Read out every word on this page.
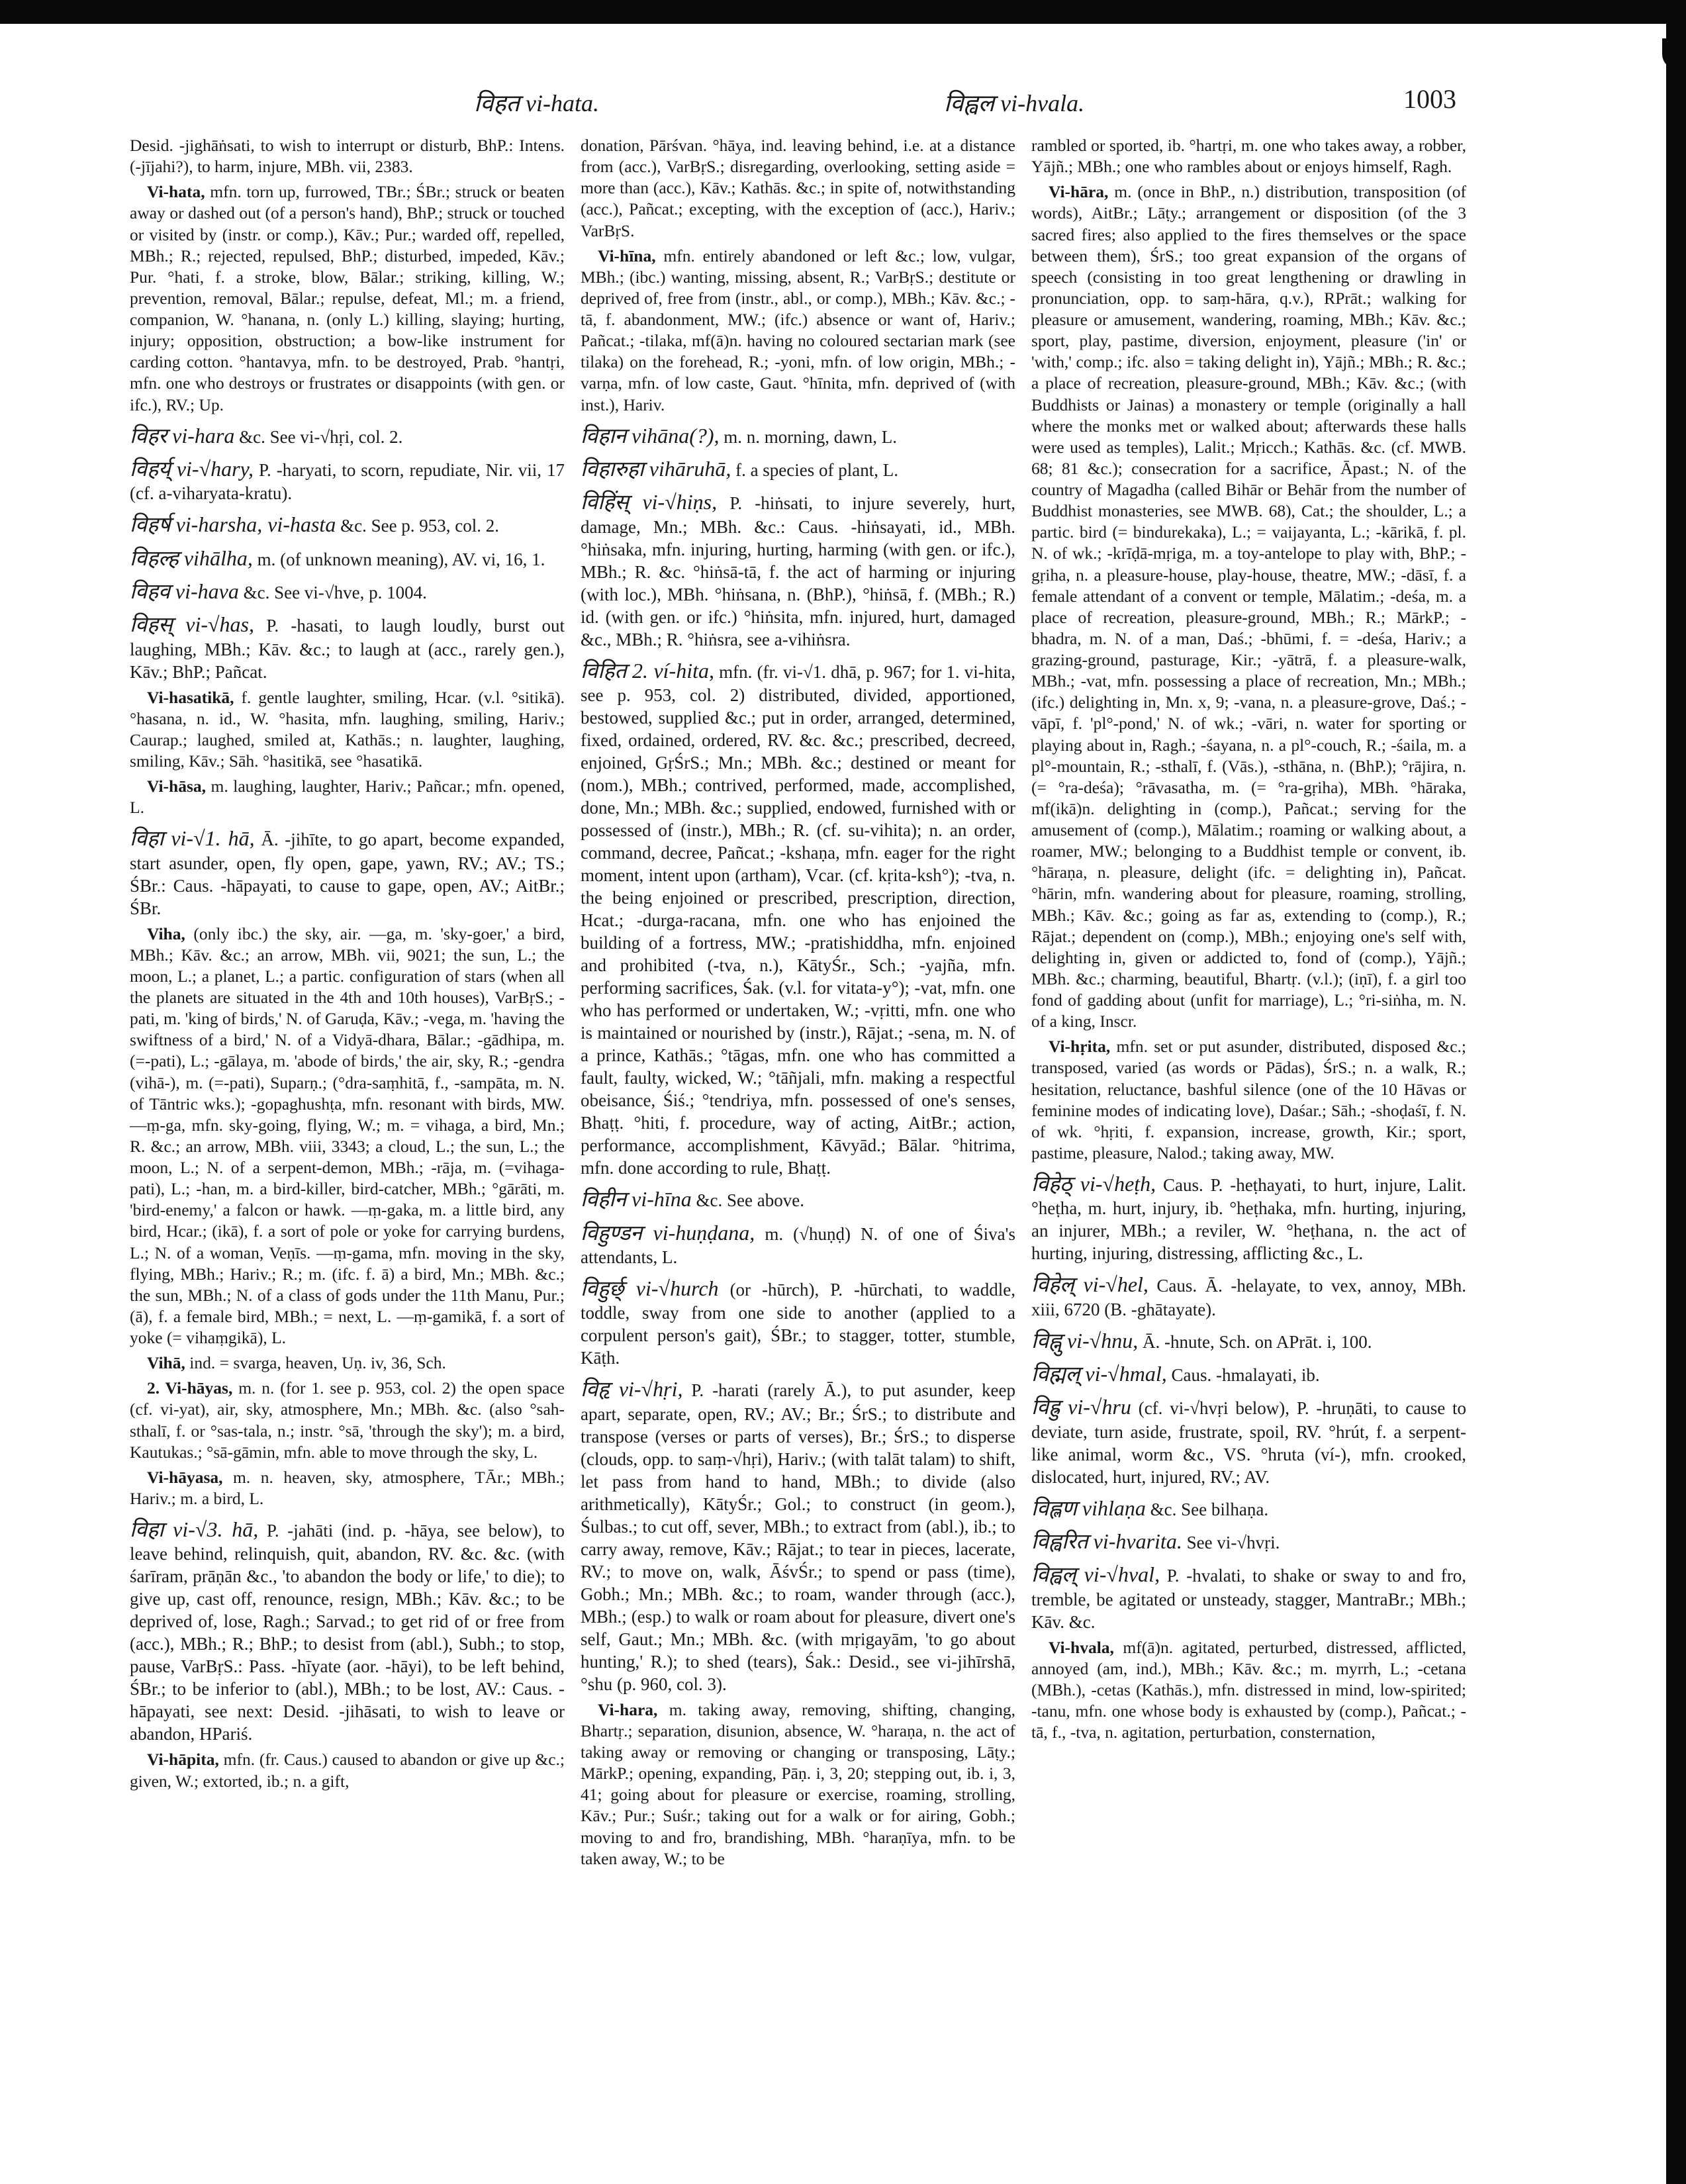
विहत vi-hata.	विह्वल vi-hvala.	1003

Desid. -jighāṅsati, to wish to interrupt or disturb, BhP.: Intens. (-jījahi?), to harm, injure, MBh. vii, 2383.

Vi-hata, mfn. torn up, furrowed, TBr.; ŚBr.; struck or beaten away or dashed out (of a person's hand), BhP.; struck or touched or visited by (instr. or comp.), Kāv.; Pur.; warded off, repelled, MBh.; R.; rejected, repulsed, BhP.; disturbed, impeded, Kāv.; Pur. °hati, f. a stroke, blow, Bālar.; striking, killing, W.; prevention, removal, Bālar.; repulse, defeat, Ml.; m. a friend, companion, W. °hanana, n. (only L.) killing, slaying; hurting, injury; opposition, obstruction; a bow-like instrument for carding cotton. °hantavya, mfn. to be destroyed, Prab. °hantṛi, mfn. one who destroys or frustrates or disappoints (with gen. or ifc.), RV.; Up.

विहर vi-hara &c. See vi-√hṛi, col. 2.

विहर्य् vi-√hary, P. -haryati, to scorn, repudiate, Nir. vii, 17 (cf. a-viharyata-kratu).

विहर्ष vi-harsha, vi-hasta &c. See p. 953, col. 2.

विहल्ह vihālha, m. (of unknown meaning), AV. vi, 16, 1.

विहव vi-hava &c. See vi-√hve, p. 1004.

विहस् vi-√has, P. -hasati, to laugh loudly, burst out laughing, MBh.; Kāv. &c.; to laugh at (acc., rarely gen.), Kāv.; BhP.; Pañcat.

Vi-hasatikā, f. gentle laughter, smiling, Hcar. (v.l. °sitikā). °hasana, n. id., W. °hasita, mfn. laughing, smiling, Hariv.; Caurap.; laughed, smiled at, Kathās.; n. laughter, laughing, smiling, Kāv.; Sāh. °hasitikā, see °hasatikā.

Vi-hāsa, m. laughing, laughter, Hariv.; Pañcar.; mfn. opened, L.

विहा vi-√1. hā, Ā. -jihīte, to go apart, become expanded, start asunder, open, fly open, gape, yawn, RV.; AV.; TS.; ŚBr.: Caus. -hāpayati, to cause to gape, open, AV.; AitBr.; ŚBr.

Viha, (only ibc.) the sky, air. —ga, m. 'sky-goer,' a bird, MBh.; Kāv. &c.; an arrow, MBh. vii, 9021; the sun, L.; the moon, L.; a planet, L.; a partic. configuration of stars (when all the planets are situated in the 4th and 10th houses), VarBṛS.; -pati, m. 'king of birds,' N. of Garuḍa, Kāv.; -vega, m. 'having the swiftness of a bird,' N. of a Vidyā-dhara, Bālar.; -gādhipa, m. (=-pati), L.; -gālaya, m. 'abode of birds,' the air, sky, R.; -gendra (vihā-), m. (=-pati), Suparṇ.; (°dra-saṃhitā, f., -sampāta, m. N. of Tāntric wks.); -gopaghushṭa, mfn. resonant with birds, MW. —ṃ-ga, mfn. sky-going, flying, W.; m. = vihaga, a bird, Mn.; R. &c.; an arrow, MBh. viii, 3343; a cloud, L.; the sun, L.; the moon, L.; N. of a serpent-demon, MBh.; -rāja, m. (=vihaga-pati), L.; -han, m. a bird-killer, bird-catcher, MBh.; °gārāti, m. 'bird-enemy,' a falcon or hawk. —ṃ-gaka, m. a little bird, any bird, Hcar.; (ikā), f. a sort of pole or yoke for carrying burdens, L.; N. of a woman, Veṇīs. —ṃ-gama, mfn. moving in the sky, flying, MBh.; Hariv.; R.; m. (ifc. f. ā) a bird, Mn.; MBh. &c.; the sun, MBh.; N. of a class of gods under the 11th Manu, Pur.; (ā), f. a female bird, MBh.; = next, L. —ṃ-gamikā, f. a sort of yoke (= vihaṃgikā), L.

Vihā, ind. = svarga, heaven, Uṇ. iv, 36, Sch.

2. Vi-hāyas, m. n. (for 1. see p. 953, col. 2) the open space (cf. vi-yat), air, sky, atmosphere, Mn.; MBh. &c. (also °sah-sthalī, f. or °sas-tala, n.; instr. °sā, 'through the sky'); m. a bird, Kautukas.; °sā-gāmin, mfn. able to move through the sky, L.

Vi-hāyasa, m. n. heaven, sky, atmosphere, TĀr.; MBh.; Hariv.; m. a bird, L.

विहा vi-√3. hā, P. -jahāti (ind. p. -hāya, see below), to leave behind, relinquish, quit, abandon, RV. &c. &c. (with śarīram, prāṇān &c., 'to abandon the body or life,' to die); to give up, cast off, renounce, resign, MBh.; Kāv. &c.; to be deprived of, lose, Ragh.; Sarvad.; to get rid of or free from (acc.), MBh.; R.; BhP.; to desist from (abl.), Subh.; to stop, pause, VarBṛS.: Pass. -hīyate (aor. -hāyi), to be left behind, ŚBr.; to be inferior to (abl.), MBh.; to be lost, AV.: Caus. -hāpayati, see next: Desid. -jihāsati, to wish to leave or abandon, HPariś.

Vi-hāpita, mfn. (fr. Caus.) caused to abandon or give up &c.; given, W.; extorted, ib.; n. a gift,

donation, Pārśvan. °hāya, ind. leaving behind, i.e. at a distance from (acc.), VarBṛS.; disregarding, overlooking, setting aside = more than (acc.), Kāv.; Kathās. &c.; in spite of, notwithstanding (acc.), Pañcat.; excepting, with the exception of (acc.), Hariv.; VarBṛS.

Vi-hīna, mfn. entirely abandoned or left &c.; low, vulgar, MBh.; (ibc.) wanting, missing, absent, R.; VarBṛS.; destitute or deprived of, free from (instr., abl., or comp.), MBh.; Kāv. &c.; -tā, f. abandonment, MW.; (ifc.) absence or want of, Hariv.; Pañcat.; -tilaka, mf(ā)n. having no coloured sectarian mark (see tilaka) on the forehead, R.; -yoni, mfn. of low origin, MBh.; -varṇa, mfn. of low caste, Gaut. °hīnita, mfn. deprived of (with inst.), Hariv.

विहान vihāna(?), m. n. morning, dawn, L.

विहारुहा vihāruhā, f. a species of plant, L.

विहिंस् vi-√hiṇs, P. -hiṅsati, to injure severely, hurt, damage, Mn.; MBh. &c.: Caus. -hiṅsayati, id., MBh. °hiṅsaka, mfn. injuring, hurting, harming (with gen. or ifc.), MBh.; R. &c. °hiṅsā-tā, f. the act of harming or injuring (with loc.), MBh. °hiṅsana, n. (BhP.), °hiṅsā, f. (MBh.; R.) id. (with gen. or ifc.) °hiṅsita, mfn. injured, hurt, damaged &c., MBh.; R. °hiṅsra, see a-vihiṅsra.

विहित 2. ví-hita, mfn. (fr. vi-√1. dhā, p. 967; for 1. vi-hita, see p. 953, col. 2) distributed, divided, apportioned, bestowed, supplied &c.; put in order, arranged, determined, fixed, ordained, ordered, RV. &c. &c.; prescribed, decreed, enjoined, GṛŚrS.; Mn.; MBh. &c.; destined or meant for (nom.), MBh.; contrived, performed, made, accomplished, done, Mn.; MBh. &c.; supplied, endowed, furnished with or possessed of (instr.), MBh.; R. (cf. su-vihita); n. an order, command, decree, Pañcat.; -kshaṇa, mfn. eager for the right moment, intent upon (artham), Vcar. (cf. kṛita-ksh°); -tva, n. the being enjoined or prescribed, prescription, direction, Hcat.; -durga-racana, mfn. one who has enjoined the building of a fortress, MW.; -pratishiddha, mfn. enjoined and prohibited (-tva, n.), KātyŚr., Sch.; -yajña, mfn. performing sacrifices, Śak. (v.l. for vitata-y°); -vat, mfn. one who has performed or undertaken, W.; -vṛitti, mfn. one who is maintained or nourished by (instr.), Rājat.; -sena, m. N. of a prince, Kathās.; °tāgas, mfn. one who has committed a fault, faulty, wicked, W.; °tāñjali, mfn. making a respectful obeisance, Śiś.; °tendriya, mfn. possessed of one's senses, Bhaṭṭ. °hiti, f. procedure, way of acting, AitBr.; action, performance, accomplishment, Kāvyād.; Bālar. °hitrima, mfn. done according to rule, Bhaṭṭ.

विहीन vi-hīna &c. See above.

विहुण्डन vi-huṇḍana, m. (√huṇḍ) N. of one of Śiva's attendants, L.

विहुर्छ् vi-√hurch (or -hūrch), P. -hūrchati, to waddle, toddle, sway from one side to another (applied to a corpulent person's gait), ŚBr.; to stagger, totter, stumble, Kāṭh.

विहृ vi-√hṛi, P. -harati (rarely Ā.), to put asunder, keep apart, separate, open, RV.; AV.; Br.; ŚrS.; to distribute and transpose (verses or parts of verses), Br.; ŚrS.; to disperse (clouds, opp. to saṃ-√hṛi), Hariv.; (with talāt talam) to shift, let pass from hand to hand, MBh.; to divide (also arithmetically), KātyŚr.; Gol.; to construct (in geom.), Śulbas.; to cut off, sever, MBh.; to extract from (abl.), ib.; to carry away, remove, Kāv.; Rājat.; to tear in pieces, lacerate, RV.; to move on, walk, ĀśvŚr.; to spend or pass (time), Gobh.; Mn.; MBh. &c.; to roam, wander through (acc.), MBh.; (esp.) to walk or roam about for pleasure, divert one's self, Gaut.; Mn.; MBh. &c. (with mṛigayām, 'to go about hunting,' R.); to shed (tears), Śak.: Desid., see vi-jihīrshā, °shu (p. 960, col. 3).

Vi-hara, m. taking away, removing, shifting, changing, Bhartṛ.; separation, disunion, absence, W. °haraṇa, n. the act of taking away or removing or changing or transposing, Lāṭy.; MārkP.; opening, expanding, Pāṇ. i, 3, 20; stepping out, ib. i, 3, 41; going about for pleasure or exercise, roaming, strolling, Kāv.; Pur.; Suśr.; taking out for a walk or for airing, Gobh.; moving to and fro, brandishing, MBh. °haraṇīya, mfn. to be taken away, W.; to be

rambled or sported, ib. °hartṛi, m. one who takes away, a robber, Yājñ.; MBh.; one who rambles about or enjoys himself, Ragh.

Vi-hāra, m. (once in BhP., n.) distribution, transposition (of words), AitBr.; Lāṭy.; arrangement or disposition (of the 3 sacred fires; also applied to the fires themselves or the space between them), ŚrS.; too great expansion of the organs of speech (consisting in too great lengthening or drawling in pronunciation, opp. to saṃ-hāra, q.v.), RPrāt.; walking for pleasure or amusement, wandering, roaming, MBh.; Kāv. &c.; sport, play, pastime, diversion, enjoyment, pleasure ('in' or 'with,' comp.; ifc. also = taking delight in), Yājñ.; MBh.; R. &c.; a place of recreation, pleasure-ground, MBh.; Kāv. &c.; (with Buddhists or Jainas) a monastery or temple (originally a hall where the monks met or walked about; afterwards these halls were used as temples), Lalit.; Mṛicch.; Kathās. &c. (cf. MWB. 68; 81 &c.); consecration for a sacrifice, Āpast.; N. of the country of Magadha (called Bihār or Behār from the number of Buddhist monasteries, see MWB. 68), Cat.; the shoulder, L.; a partic. bird (= bindurekaka), L.; = vaijayanta, L.; -kārikā, f. pl. N. of wk.; -krīḍā-mṛiga, m. a toy-antelope to play with, BhP.; -gṛiha, n. a pleasure-house, play-house, theatre, MW.; -dāsī, f. a female attendant of a convent or temple, Mālatim.; -deśa, m. a place of recreation, pleasure-ground, MBh.; R.; MārkP.; -bhadra, m. N. of a man, Daś.; -bhūmi, f. = -deśa, Hariv.; a grazing-ground, pasturage, Kir.; -yātrā, f. a pleasure-walk, MBh.; -vat, mfn. possessing a place of recreation, Mn.; MBh.; (ifc.) delighting in, Mn. x, 9; -vana, n. a pleasure-grove, Daś.; -vāpī, f. 'pl°-pond,' N. of wk.; -vāri, n. water for sporting or playing about in, Ragh.; -śayana, n. a pl°-couch, R.; -śaila, m. a pl°-mountain, R.; -sthalī, f. (Vās.), -sthāna, n. (BhP.); °rājira, n. (= °ra-deśa); °rāvasatha, m. (= °ra-gṛiha), MBh. °hāraka, mf(ikā)n. delighting in (comp.), Pañcat.; serving for the amusement of (comp.), Mālatim.; roaming or walking about, a roamer, MW.; belonging to a Buddhist temple or convent, ib. °hāraṇa, n. pleasure, delight (ifc. = delighting in), Pañcat. °hārin, mfn. wandering about for pleasure, roaming, strolling, MBh.; Kāv. &c.; going as far as, extending to (comp.), R.; Rājat.; dependent on (comp.), MBh.; enjoying one's self with, delighting in, given or addicted to, fond of (comp.), Yājñ.; MBh. &c.; charming, beautiful, Bhartṛ. (v.l.); (iṇī), f. a girl too fond of gadding about (unfit for marriage), L.; °ri-siṅha, m. N. of a king, Inscr.

Vi-hṛita, mfn. set or put asunder, distributed, disposed &c.; transposed, varied (as words or Pādas), ŚrS.; n. a walk, R.; hesitation, reluctance, bashful silence (one of the 10 Hāvas or feminine modes of indicating love), Daśar.; Sāh.; -shoḍaśī, f. N. of wk. °hṛiti, f. expansion, increase, growth, Kir.; sport, pastime, pleasure, Nalod.; taking away, MW.

विहेठ् vi-√heṭh, Caus. P. -heṭhayati, to hurt, injure, Lalit. °heṭha, m. hurt, injury, ib. °heṭhaka, mfn. hurting, injuring, an injurer, MBh.; a reviler, W. °heṭhana, n. the act of hurting, injuring, distressing, afflicting &c., L.

विहेल् vi-√hel, Caus. Ā. -helayate, to vex, annoy, MBh. xiii, 6720 (B. -ghātayate).

विह्नु vi-√hnu, Ā. -hnute, Sch. on APrāt. i, 100.

विह्मल् vi-√hmal, Caus. -hmalayati, ib.

विह्रु vi-√hru (cf. vi-√hvṛi below), P. -hruṇāti, to cause to deviate, turn aside, frustrate, spoil, RV. °hrút, f. a serpent-like animal, worm &c., VS. °hruta (ví-), mfn. crooked, dislocated, hurt, injured, RV.; AV.

विह्लण vihlaṇa &c. See bilhaṇa.

विह्वरित vi-hvarita. See vi-√hvṛi.

विह्वल् vi-√hval, P. -hvalati, to shake or sway to and fro, tremble, be agitated or unsteady, stagger, MantraBr.; MBh.; Kāv. &c.

Vi-hvala, mf(ā)n. agitated, perturbed, distressed, afflicted, annoyed (am, ind.), MBh.; Kāv. &c.; m. myrrh, L.; -cetana (MBh.), -cetas (Kathās.), mfn. distressed in mind, low-spirited; -tanu, mfn. one whose body is exhausted by (comp.), Pañcat.; -tā, f., -tva, n. agitation, perturbation, consternation,
